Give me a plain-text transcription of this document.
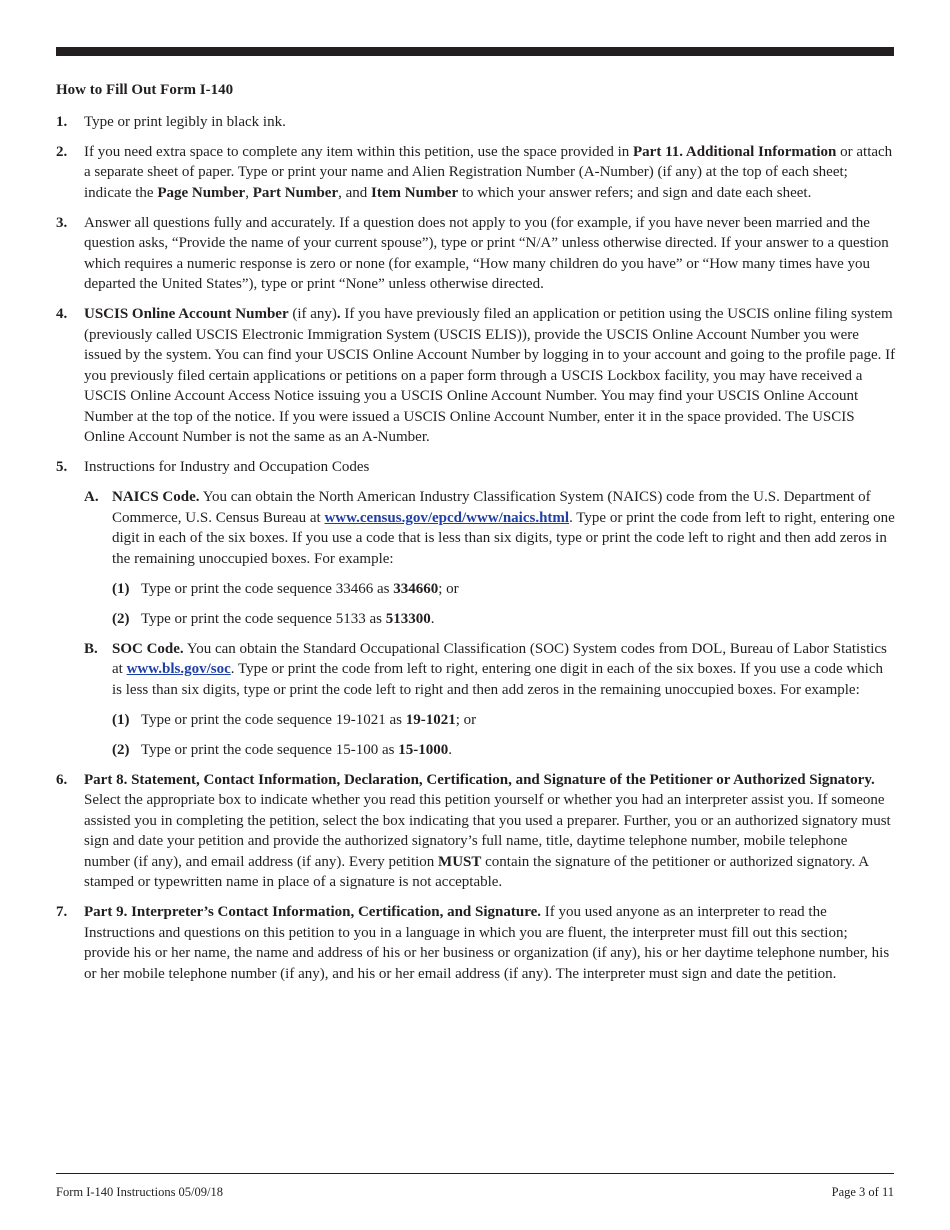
How to Fill Out Form I-140
1.	Type or print legibly in black ink.
2.	If you need extra space to complete any item within this petition, use the space provided in Part 11. Additional Information or attach a separate sheet of paper. Type or print your name and Alien Registration Number (A-Number) (if any) at the top of each sheet; indicate the Page Number, Part Number, and Item Number to which your answer refers; and sign and date each sheet.
3.	Answer all questions fully and accurately. If a question does not apply to you (for example, if you have never been married and the question asks, “Provide the name of your current spouse”), type or print “N/A” unless otherwise directed. If your answer to a question which requires a numeric response is zero or none (for example, “How many children do you have” or “How many times have you departed the United States”), type or print “None” unless otherwise directed.
4.	USCIS Online Account Number (if any). If you have previously filed an application or petition using the USCIS online filing system (previously called USCIS Electronic Immigration System (USCIS ELIS)), provide the USCIS Online Account Number you were issued by the system. You can find your USCIS Online Account Number by logging in to your account and going to the profile page. If you previously filed certain applications or petitions on a paper form through a USCIS Lockbox facility, you may have received a USCIS Online Account Access Notice issuing you a USCIS Online Account Number. You may find your USCIS Online Account Number at the top of the notice. If you were issued a USCIS Online Account Number, enter it in the space provided. The USCIS Online Account Number is not the same as an A-Number.
5.	Instructions for Industry and Occupation Codes
A. NAICS Code. You can obtain the North American Industry Classification System (NAICS) code from the U.S. Department of Commerce, U.S. Census Bureau at www.census.gov/epcd/www/naics.html. Type or print the code from left to right, entering one digit in each of the six boxes. If you use a code that is less than six digits, type or print the code left to right and then add zeros in the remaining unoccupied boxes. For example:
(1) Type or print the code sequence 33466 as 334660; or
(2) Type or print the code sequence 5133 as 513300.
B. SOC Code. You can obtain the Standard Occupational Classification (SOC) System codes from DOL, Bureau of Labor Statistics at www.bls.gov/soc. Type or print the code from left to right, entering one digit in each of the six boxes. If you use a code which is less than six digits, type or print the code left to right and then add zeros in the remaining unoccupied boxes. For example:
(1) Type or print the code sequence 19-1021 as 19-1021; or
(2) Type or print the code sequence 15-100 as 15-1000.
6.	Part 8. Statement, Contact Information, Declaration, Certification, and Signature of the Petitioner or Authorized Signatory. Select the appropriate box to indicate whether you read this petition yourself or whether you had an interpreter assist you. If someone assisted you in completing the petition, select the box indicating that you used a preparer. Further, you or an authorized signatory must sign and date your petition and provide the authorized signatory’s full name, title, daytime telephone number, mobile telephone number (if any), and email address (if any). Every petition MUST contain the signature of the petitioner or authorized signatory. A stamped or typewritten name in place of a signature is not acceptable.
7.	Part 9. Interpreter’s Contact Information, Certification, and Signature. If you used anyone as an interpreter to read the Instructions and questions on this petition to you in a language in which you are fluent, the interpreter must fill out this section; provide his or her name, the name and address of his or her business or organization (if any), his or her daytime telephone number, his or her mobile telephone number (if any), and his or her email address (if any). The interpreter must sign and date the petition.
Form I-140 Instructions 05/09/18	Page 3 of 11
